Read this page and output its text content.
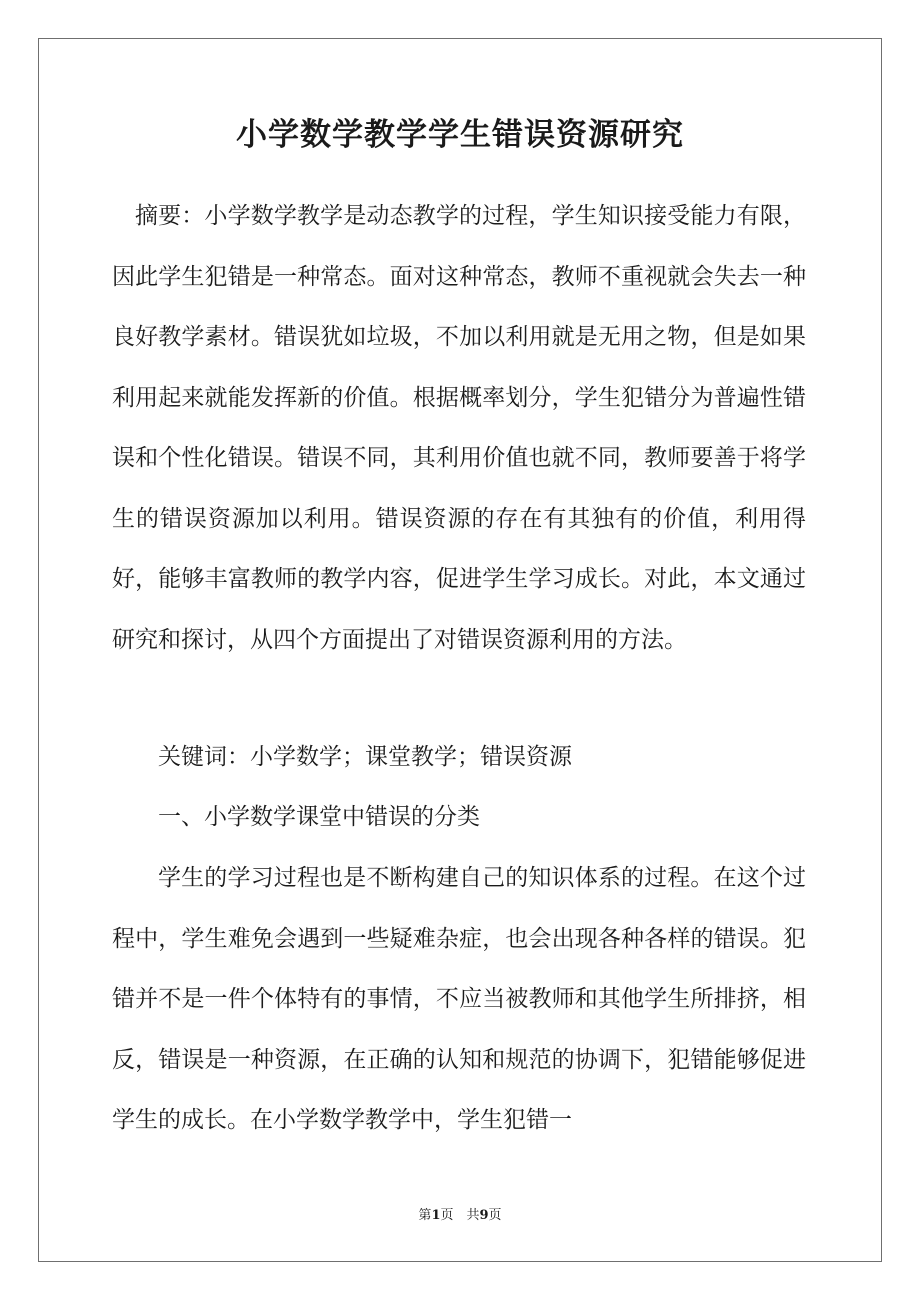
小学数学教学学生错误资源研究

摘要：小学数学教学是动态教学的过程，学生知识接受能力有限，因此学生犯错是一种常态。面对这种常态，教师不重视就会失去一种良好教学素材。错误犹如垃圾，不加以利用就是无用之物，但是如果利用起来就能发挥新的价值。根据概率划分，学生犯错分为普遍性错误和个性化错误。错误不同，其利用价值也就不同，教师要善于将学生的错误资源加以利用。错误资源的存在有其独有的价值，利用得好，能够丰富教师的教学内容，促进学生学习成长。对此，本文通过研究和探讨，从四个方面提出了对错误资源利用的方法。

关键词：小学数学；课堂教学；错误资源

一、小学数学课堂中错误的分类

学生的学习过程也是不断构建自己的知识体系的过程。在这个过程中，学生难免会遇到一些疑难杂症，也会出现各种各样的错误。犯错并不是一件个体特有的事情，不应当被教师和其他学生所排挤，相反，错误是一种资源，在正确的认知和规范的协调下，犯错能够促进学生的成长。在小学数学教学中，学生犯错一

第1页　共9页
